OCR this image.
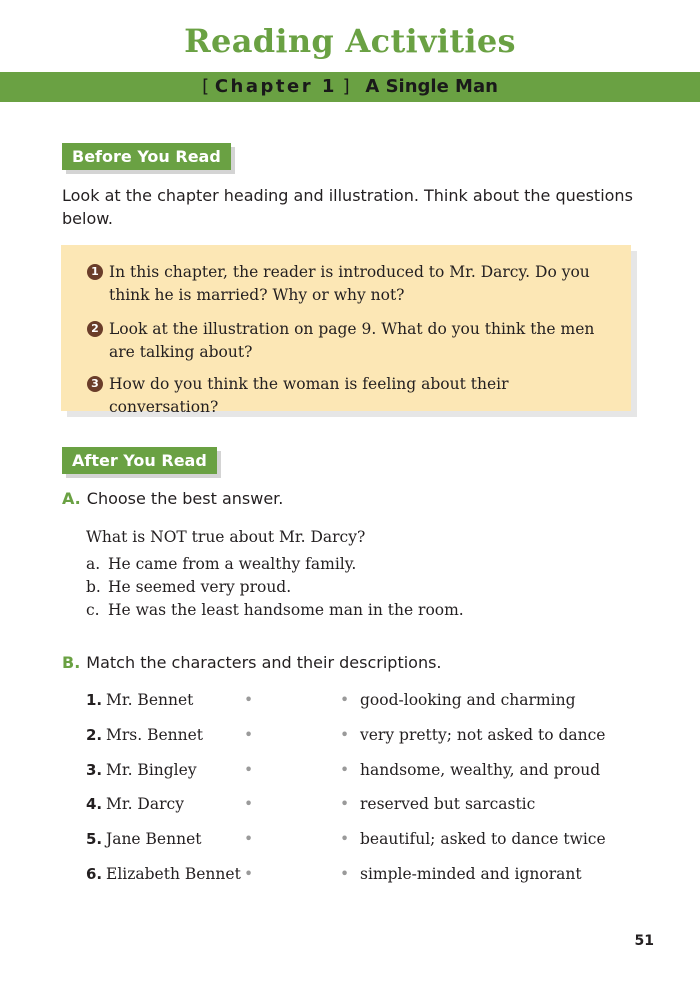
Reading Activities
[ Chapter 1 ] A Single Man
Before You Read
Look at the chapter heading and illustration. Think about the questions below.
1 In this chapter, the reader is introduced to Mr. Darcy. Do you think he is married? Why or why not?
2 Look at the illustration on page 9. What do you think the men are talking about?
3 How do you think the woman is feeling about their conversation?
After You Read
A. Choose the best answer.
What is NOT true about Mr. Darcy?
a. He came from a wealthy family.
b. He seemed very proud.
c. He was the least handsome man in the room.
B. Match the characters and their descriptions.
1. Mr. Bennet	•	• good-looking and charming
2. Mrs. Bennet	•	• very pretty; not asked to dance
3. Mr. Bingley	•	• handsome, wealthy, and proud
4. Mr. Darcy	•	• reserved but sarcastic
5. Jane Bennet	•	• beautiful; asked to dance twice
6. Elizabeth Bennet •	• simple-minded and ignorant
51
